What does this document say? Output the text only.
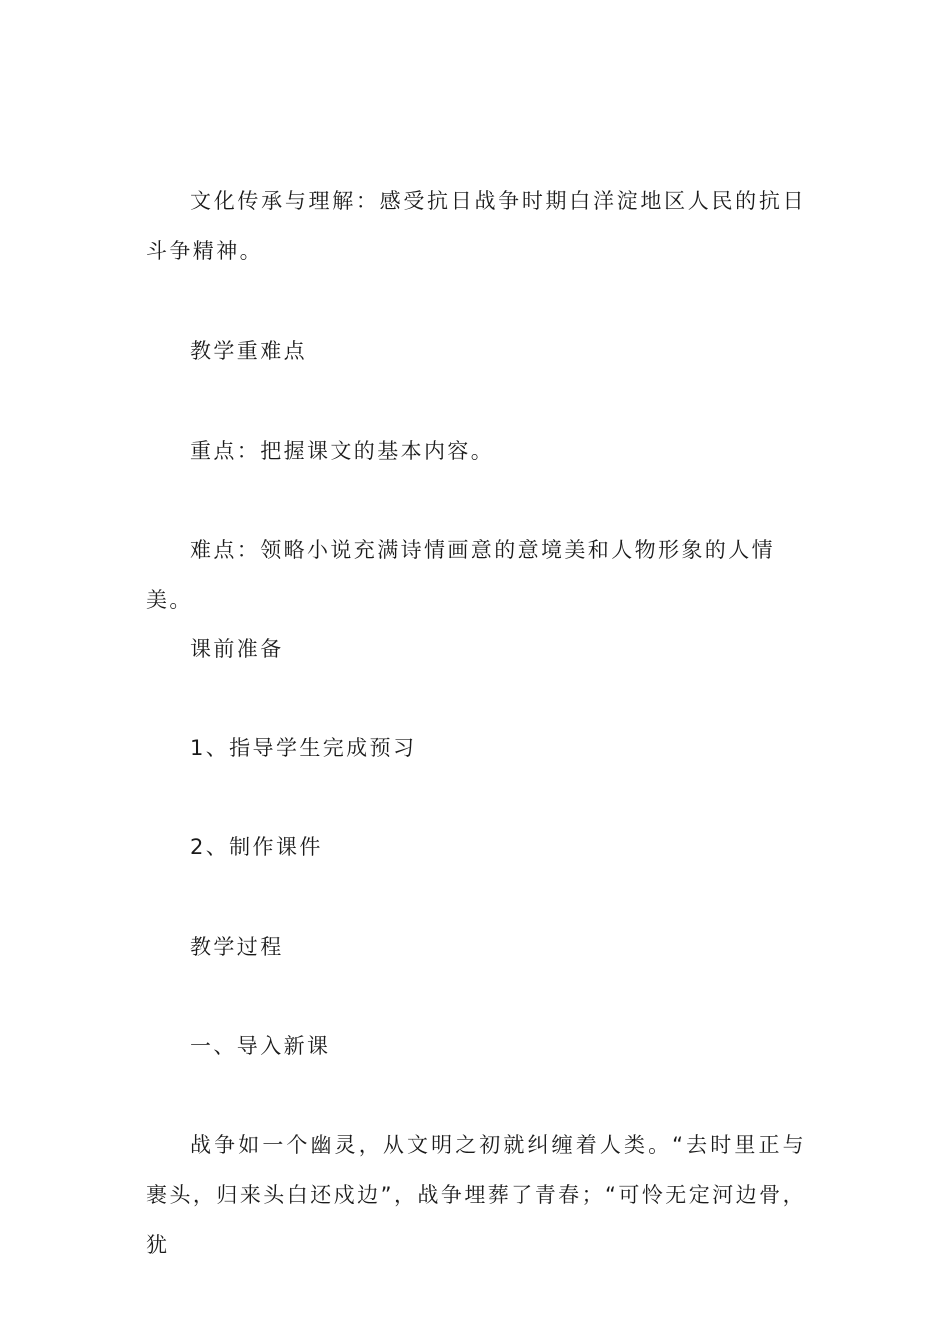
文化传承与理解：感受抗日战争时期白洋淀地区人民的抗日斗争精神。

教学重难点

重点：把握课文的基本内容。

难点：领略小说充满诗情画意的意境美和人物形象的人情美。

课前准备

1、指导学生完成预习

2、制作课件

教学过程

一、导入新课

战争如一个幽灵，从文明之初就纠缠着人类。“去时里正与裹头，归来头白还戍边”，战争埋葬了青春；“可怜无定河边骨，犹
